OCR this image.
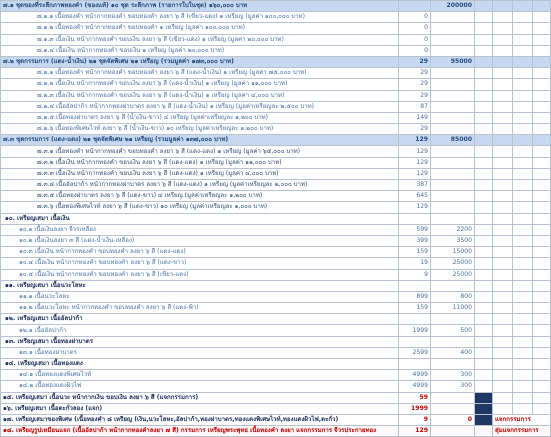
๗.๑ ชุดของที่ระลึกภาพทองคำ (ของแท้) ๑๐ ชุด ระลึกภาพ (รายการใบในชุด) ๑๖๐,๐๐๐ บาท		200000				
๗.๑.๑ เนื้อทองคำ หน้ากากทองคำ ขอบทองคำ ลงยา ๖ สี (เขียว-แดง) ๑ เหรียญ (มูลค่า ๑๐๐,๐๐๐ บาท)	0					
๗.๑.๒ เนื้อทองคำ หน้ากากทองคำ ขอบทองคำ ๑ เหรียญ (มูลค่า ๑๐๐,๐๐๐ บาท)	0					
๗.๑.๓ เนื้อเงิน หน้ากากทองคำ ขอบเงิน ลงยา ๖ สี (เขียว-แดง) ๑ เหรียญ (มูลค่า ๒๐,๐๐๐ บาท)	0					
๗.๑.๔ เนื้อเงิน หน้ากากทองคำ ขอบเงิน ๑ เหรียญ (มูลค่า ๒๐,๐๐๐ บาท)	0					
๗.๒ ชุดกรรมการ (แดง-น้ำเงิน) ๒๑ ชุดจัดพิเศษ ๒๑ เหรียญ (รวมมูลค่า ๑๗๓,๐๐๐ บาท)	29	95000				
๗.๒.๑ เนื้อทองคำ หน้ากากทองคำ ขอบทองคำ ลงยา ๖ สี (แดง-น้ำเงิน) ๑ เหรียญ (มูลค่า ๗๕,๐๐๐ บาท)	29					
๗.๒.๒ เนื้อเงิน หน้ากากทองคำ ขอบเงิน ลงยา ๖ สี (แดง-น้ำเงิน) ๑ เหรียญ (มูลค่า ๑๑,๐๐๐ บาท)	29					
๗.๒.๓ เนื้อเงิน หน้ากากทองคำ ขอบเงิน ลงยา ๖ สี (แดง-น้ำเงิน) ๑ เหรียญ (มูลค่า ๔,๐๐๐ บาท)	29					
๗.๒.๔ เนื้ออัลปาก้า หน้ากากทองฝาบาตร ลงยา ๖ สี (แดง-น้ำเงิน) ๑ เหรียญ (มูลค่าเหรียญละ ๒,๕๐๐ บาท)	87					
๗.๒.๕ เนื้อทองฝาบาตร ลงยา ๖ สี (น้ำเงิน-ขาว) ๔ เหรียญ (มูลค่าเหรียญละ ๑,๒๐๐ บาท)	149					
๗.๒.๖ เนื้อทองพิเศษไวท์ ลงยา ๖ สี (น้ำเงิน-ขาว) ๑๐ เหรียญ (มูลค่าเหรียญละ ๑,๒๐๐ บาท)	29					
๗.๓ ชุดกรรมการ (แดง-แดง) ๒๑ ชุดจัดพิเศษ ๒๑ เหรียญ (รวมมูลค่า ๑๓๗,๐๐๐ บาท)	129	85000				
๗.๓.๑ เนื้อทองคำ หน้ากากทองคำ ขอบทองคำ ลงยา ๖ สี (แดง-แดง) ๑ เหรียญ (มูลค่า ๖๕,๐๐๐ บาท)	129					
๗.๓.๒ เนื้อเงิน หน้ากากทองคำ ขอบเงิน ลงยา ๖ สี (แดง-แดง) ๑ เหรียญ (มูลค่า ๑๑,๐๐๐ บาท)	129					
๗.๓.๓ เนื้อเงิน หน้ากากทองคำ ขอบเงิน ลงยา ๖ สี (แดง-แดง) ๑ เหรียญ (มูลค่า ๔,๐๐๐ บาท)	129					
๗.๓.๔ เนื้ออัลปาก้า หน้ากากทองฝาบาตร ลงยา ๖ สี (แดง-แดง) ๑ เหรียญ (มูลค่าเหรียญละ ๒,๐๐๐ บาท)	387					
๗.๓.๕ เนื้อทองฝาบาตร ลงยา ๖ สี (แดง-ขาว) ๔ เหรียญ (มูลค่าเหรียญละ ๑,๒๐๐ บาท)	645					
๗.๓.๖ เนื้อทองพิเศษไวท์ ลงยา ๖ สี (แดง-ขาว) ๑๐ เหรียญ (มูลค่าเหรียญละ ๑,๐๐๐ บาท)	129					
๑๐. เหรียญเสมา เนื้อเงิน						
๑๐.๑ เนื้อเงินลงยา จีวรเหลือง	599	2200				
๑๐.๒ เนื้อเงินลงยา ๓ สี (แดง-น้ำเงิน-เหลือง)	399	3500				
๑๐.๓ เนื้อเงิน หน้ากากทองคำ ขอบทองคำ ลงยา ๖ สี (แดง-แดง)	159	15000				
๑๐.๔ เนื้อเงิน หน้ากากทองคำ ขอบทองคำ ลงยา ๖ สี (แดง-ขาว)	19	25000				
๑๐.๕ เนื้อเงิน หน้ากากทองคำ ขอบทองคำ ลงยา ๖ สี (เขียว-แดง)	9	25000				
๑๑. เหรียญเสมา เนื้อนวะโลหะ						
๑๑.๑ เนื้อนวะโลหะ	899	800				
๑๑.๒ เนื้อนวะโลหะ หน้ากากทองคำ ขอบทองคำ ลงยา ๖ สี (แดง-ฟ้า)	159	11000				
๑๒. เหรียญเสมา เนื้ออัลปาก้า						
๑๒.๑ เนื้ออัลปาก้า	1999	500				
๑๓. เหรียญเสมา เนื้อทองฝาบาตร						
๑๓.๑ เนื้อทองฝาบาตร	2599	400				
๑๔. เหรียญเสมา เนื้อทองแดง						
๑๔.๑ เนื้อทองแดงพิเศษไวท์	4999	300				
๑๔.๒ เนื้อทองแดงผิวไฟ	4999	300				
๑๕. เหรียญเสมา เนื้อนวะ หน้ากากเงิน ขอบเงิน ลงยา ๖ สี (แจกกรรมการ)	59					
๑๖. เหรียญเสมา เนื้อตะกั่วลอง (แจก)	1999					
๑๗. เหรียญเสมาของพิเศษ (เนื้อทองคำ ๘ เหรียญ (เงิน,นวะโลหะ,อัลปาก้า,ทองฝาบาตร,ทองแดงพิเศษไวท์,ทองแดงผิวไฟ,ตะกั่ว)	9	0		แจกกรรมการ		
๑๘. เหรียญรูปเหมือนแจก (เนื้ออัลปาก้า หน้ากากทองคำลงยา ๗ สี) กรรมการ เหรียญพระพุทธ เนื้อทองคำ ลงยา แจกกรรมการ จีวรประกายทอง	129			สุ่มแจกกรรมการ		
